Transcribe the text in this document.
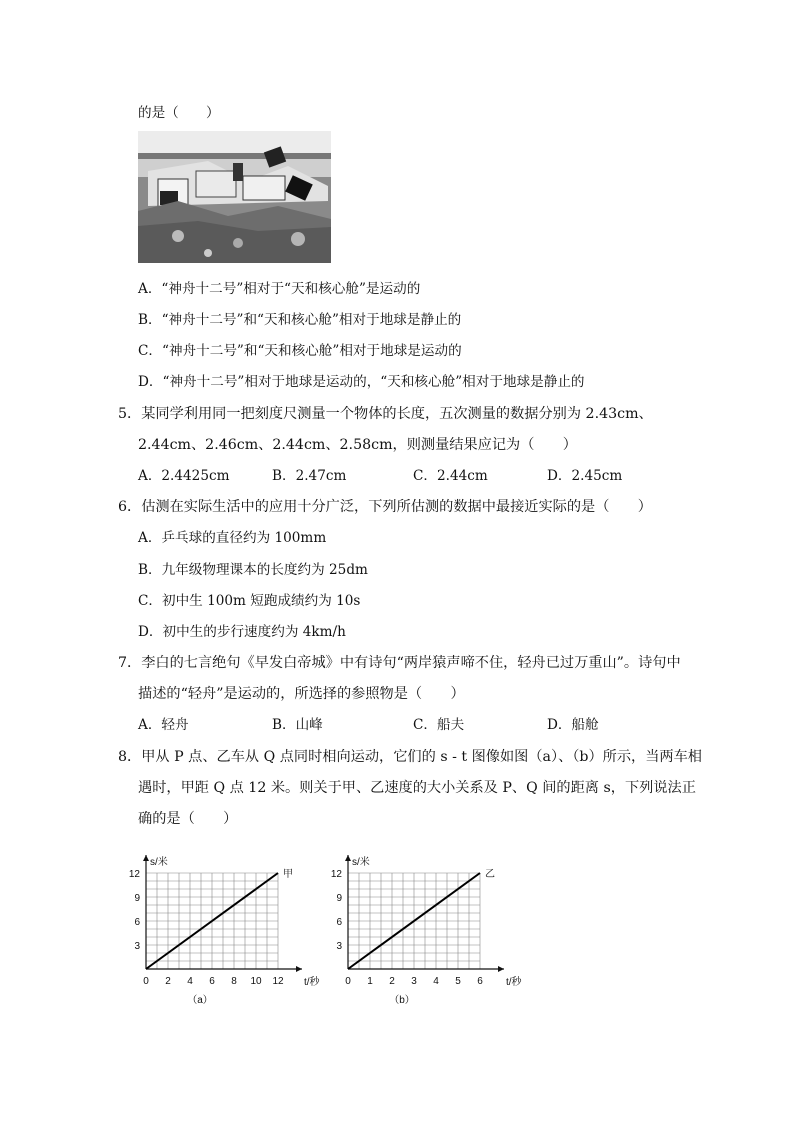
的是（　　）
A．“神舟十二号”相对于“天和核心舱”是运动的
B．“神舟十二号”和“天和核心舱”相对于地球是静止的
C．“神舟十二号”和“天和核心舱”相对于地球是运动的
D．“神舟十二号”相对于地球是运动的，“天和核心舱”相对于地球是静止的
5．某同学利用同一把刻度尺测量一个物体的长度，五次测量的数据分别为 2.43cm、
2.44cm、2.46cm、2.44cm、2.58cm，则测量结果应记为（　　）
A．2.4425cm	B．2.47cm	C．2.44cm	D．2.45cm
6．估测在实际生活中的应用十分广泛，下列所估测的数据中最接近实际的是（　　）
A．乒乓球的直径约为 100mm
B．九年级物理课本的长度约为 25dm
C．初中生 100m 短跑成绩约为 10s
D．初中生的步行速度约为 4km/h
7．李白的七言绝句《早发白帝城》中有诗句“两岸猿声啼不住，轻舟已过万重山”。诗句中
描述的“轻舟”是运动的，所选择的参照物是（　　）
A．轻舟	B．山峰	C．船夫	D．船舱
8．甲从 P 点、乙车从 Q 点同时相向运动，它们的 s - t 图像如图（a）、（b）所示，当两车相
遇时，甲距 Q 点 12 米。则关于甲、乙速度的大小关系及 P、Q 间的距离 s，下列说法正
确的是（　　）
s/米
t/秒
0 2 4 6 8 10 12
3
6
9
12	甲
（a）
s/米
t/秒
0 1 2 3 4 5 6
3
6
9
12	乙
（b）
